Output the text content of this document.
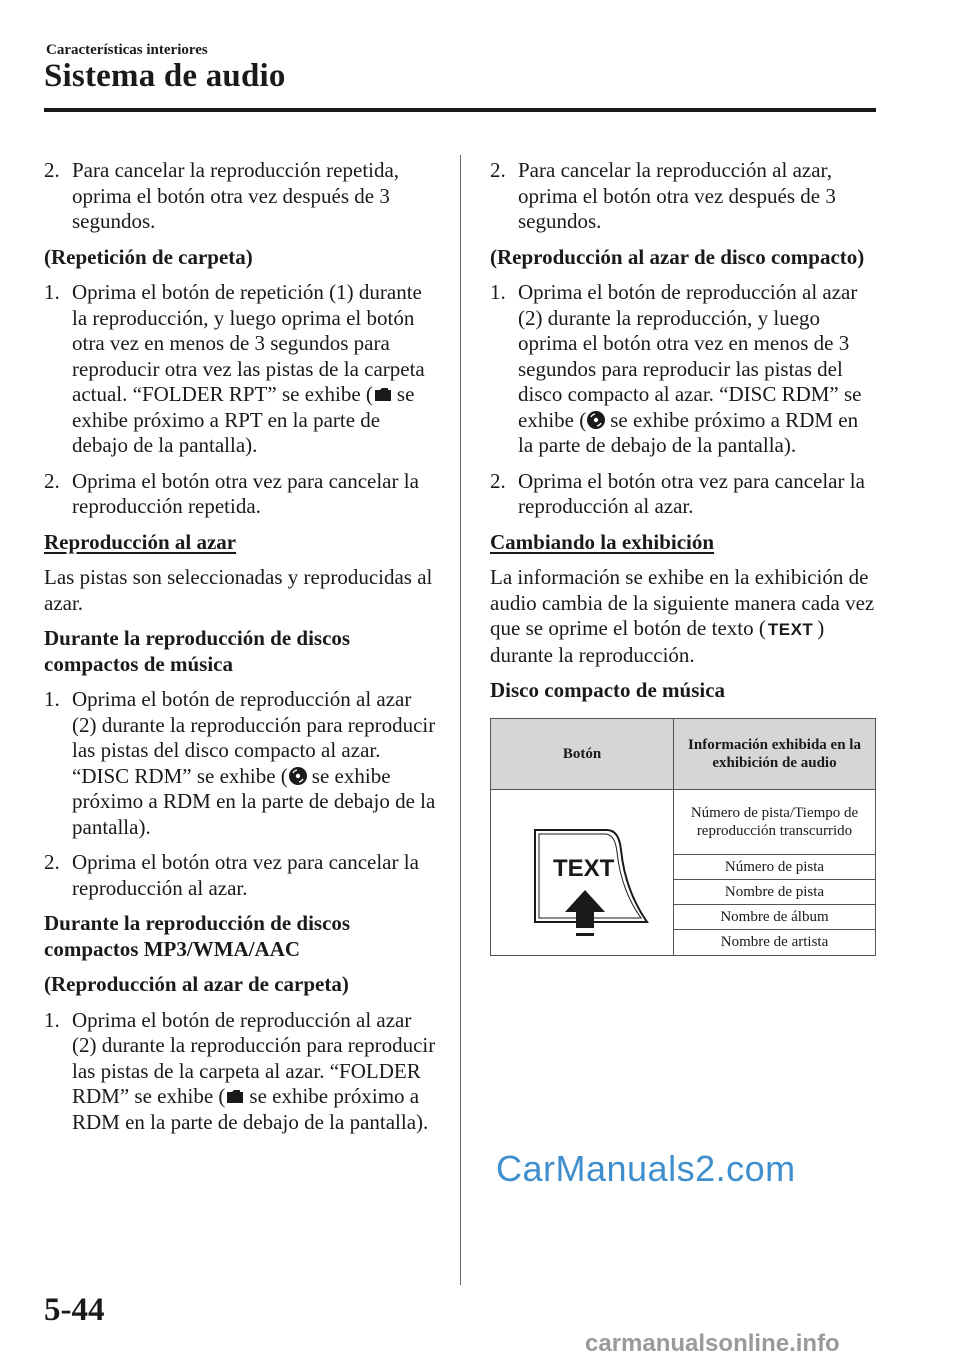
Características interiores
Sistema de audio
2. Para cancelar la reproducción repetida, oprima el botón otra vez después de 3 segundos.

(Repetición de carpeta)

1. Oprima el botón de repetición (1) durante la reproducción, y luego oprima el botón otra vez en menos de 3 segundos para reproducir otra vez las pistas de la carpeta actual. “FOLDER RPT” se exhibe ( se exhibe próximo a RPT en la parte de debajo de la pantalla).
2. Oprima el botón otra vez para cancelar la reproducción repetida.

Reproducción al azar

Las pistas son seleccionadas y reproducidas al azar.

Durante la reproducción de discos compactos de música

1. Oprima el botón de reproducción al azar (2) durante la reproducción para reproducir las pistas del disco compacto al azar. “DISC RDM” se exhibe ( se exhibe próximo a RDM en la parte de debajo de la pantalla).
2. Oprima el botón otra vez para cancelar la reproducción al azar.

Durante la reproducción de discos compactos MP3/WMA/AAC

(Reproducción al azar de carpeta)

1. Oprima el botón de reproducción al azar (2) durante la reproducción para reproducir las pistas de la carpeta al azar. “FOLDER RDM” se exhibe ( se exhibe próximo a RDM en la parte de debajo de la pantalla).
2. Para cancelar la reproducción al azar, oprima el botón otra vez después de 3 segundos.

(Reproducción al azar de disco compacto)

1. Oprima el botón de reproducción al azar (2) durante la reproducción, y luego oprima el botón otra vez en menos de 3 segundos para reproducir las pistas del disco compacto al azar. “DISC RDM” se exhibe ( se exhibe próximo a RDM en la parte de debajo de la pantalla).
2. Oprima el botón otra vez para cancelar la reproducción al azar.

Cambiando la exhibición

La información se exhibe en la exhibición de audio cambia de la siguiente manera cada vez que se oprime el botón de texto ( TEXT ) durante la reproducción.

Disco compacto de música

Botón	Información exhibida en la exhibición de audio

TEXT	Número de pista/Tiempo de reproducción transcurrido
	Número de pista
	Nombre de pista
	Nombre de álbum
	Nombre de artista
CarManuals2.com
5-44
carmanualsonline.info
